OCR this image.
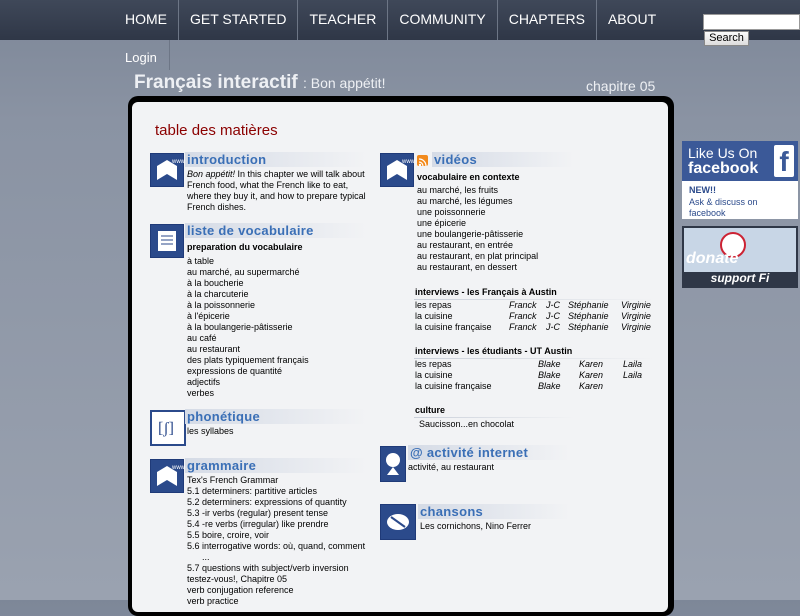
HOME	GET STARTED	TEACHER	COMMUNITY	CHAPTERS	ABOUT
Login
Search
Français interactif : Bon appétit!	chapitre 05
table des matières
www introduction
Bon appétit! In this chapter we will talk about French food, what the French like to eat, where they buy it, and how to prepare typical French dishes.
liste de vocabulaire
preparation du vocabulaire
à table
au marché, au supermarché
à la boucherie
à la charcuterie
à la poissonnerie
à l'épicerie
à la boulangerie-pâtisserie
au café
au restaurant
des plats typiquement français
expressions de quantité
adjectifs
verbes
[ʃ]
phonétique
les syllabes
www grammaire
Tex's French Grammar
5.1 determiners: partitive articles
5.2 determiners: expressions of quantity
5.3 -ir verbs (regular) present tense
5.4 -re verbs (irregular) like prendre
5.5 boire, croire, voir
5.6 interrogative words: où, quand, comment
...
5.7 questions with subject/verb inversion
testez-vous!, Chapitre 05
verb conjugation reference
verb practice
www vidéos
vocabulaire en contexte
au marché, les fruits
au marché, les légumes
une poissonnerie
une épicerie
une boulangerie-pâtisserie
au restaurant, en entrée
au restaurant, en plat principal
au restaurant, en dessert
interviews - les Français à Austin
les repas	Franck	J-C	Stéphanie	Virginie
la cuisine	Franck	J-C	Stéphanie	Virginie
la cuisine française	Franck	J-C	Stéphanie	Virginie
interviews - les étudiants - UT Austin
les repas	Blake	Karen	Laila
la cuisine	Blake	Karen	Laila
la cuisine française	Blake	Karen	
culture
Saucisson...en chocolat
@ activité internet
activité, au restaurant
chansons
Les cornichons, Nino Ferrer
Like Us On
facebook f
NEW!!
Ask & discuss on facebook
donate
support Fi
